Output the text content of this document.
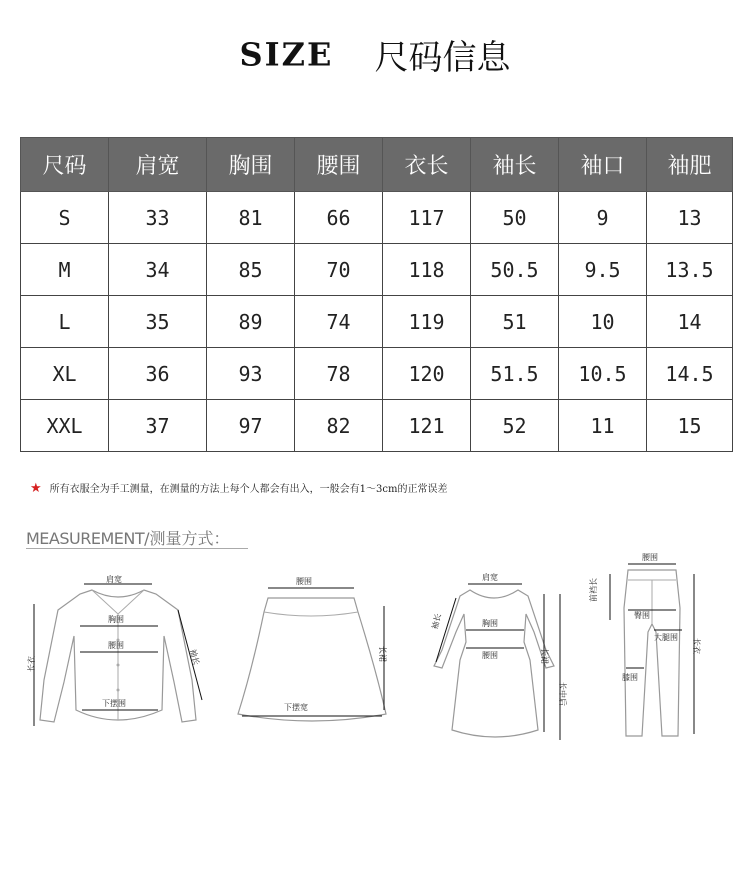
SIZE 尺码信息
尺码	肩宽	胸围	腰围	衣长	袖长	袖口	袖肥
S	33	81	66	117	50	9	13
M	34	85	70	118	50.5	9.5	13.5
L	35	89	74	119	51	10	14
XL	36	93	78	120	51.5	10.5	14.5
XXL	37	97	82	121	52	11	15
★ 所有衣服全为手工测量，在测量的方法上每个人都会有出入，一般会有1～3cm的正常误差
MEASUREMENT/测量方式：
肩宽
胸围
腰围
下摆围
袖长
长衣
腰围
下摆宽
长裙
肩宽
胸围
腰围
袖长
长裙
长中后
腰围
前裆长
臀围
大腿围
膝围
长衣
